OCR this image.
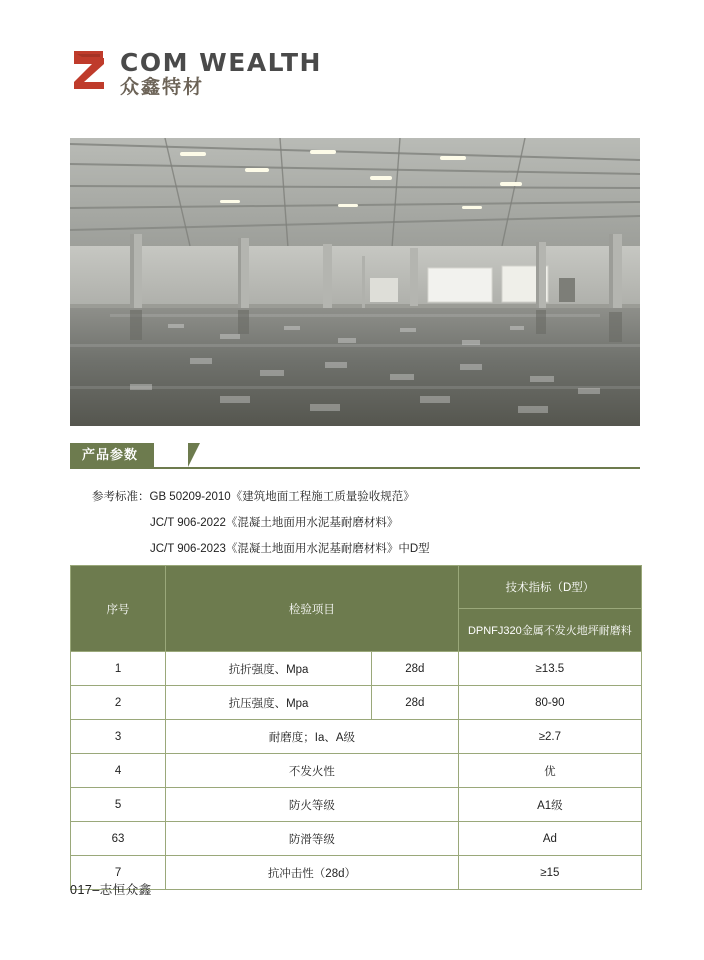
COM WEALTH
众鑫特材
产品参数
参考标准：GB 50209-2010《建筑地面工程施工质量验收规范》
JC/T 906-2022《混凝土地面用水泥基耐磨材料》
JC/T 906-2023《混凝土地面用水泥基耐磨材料》中D型
序号	检验项目		技术指标（D型）
			DPNFJ320金属不发火地坪耐磨料
1	抗折强度、Mpa	28d	≥13.5
2	抗压强度、Mpa	28d	80-90
3	耐磨度；Ia、A级		≥2.7
4	不发火性		优
5	防火等级		A1级
63	防滑等级		Ad
7	抗冲击性（28d）		≥15
017–志恒众鑫
